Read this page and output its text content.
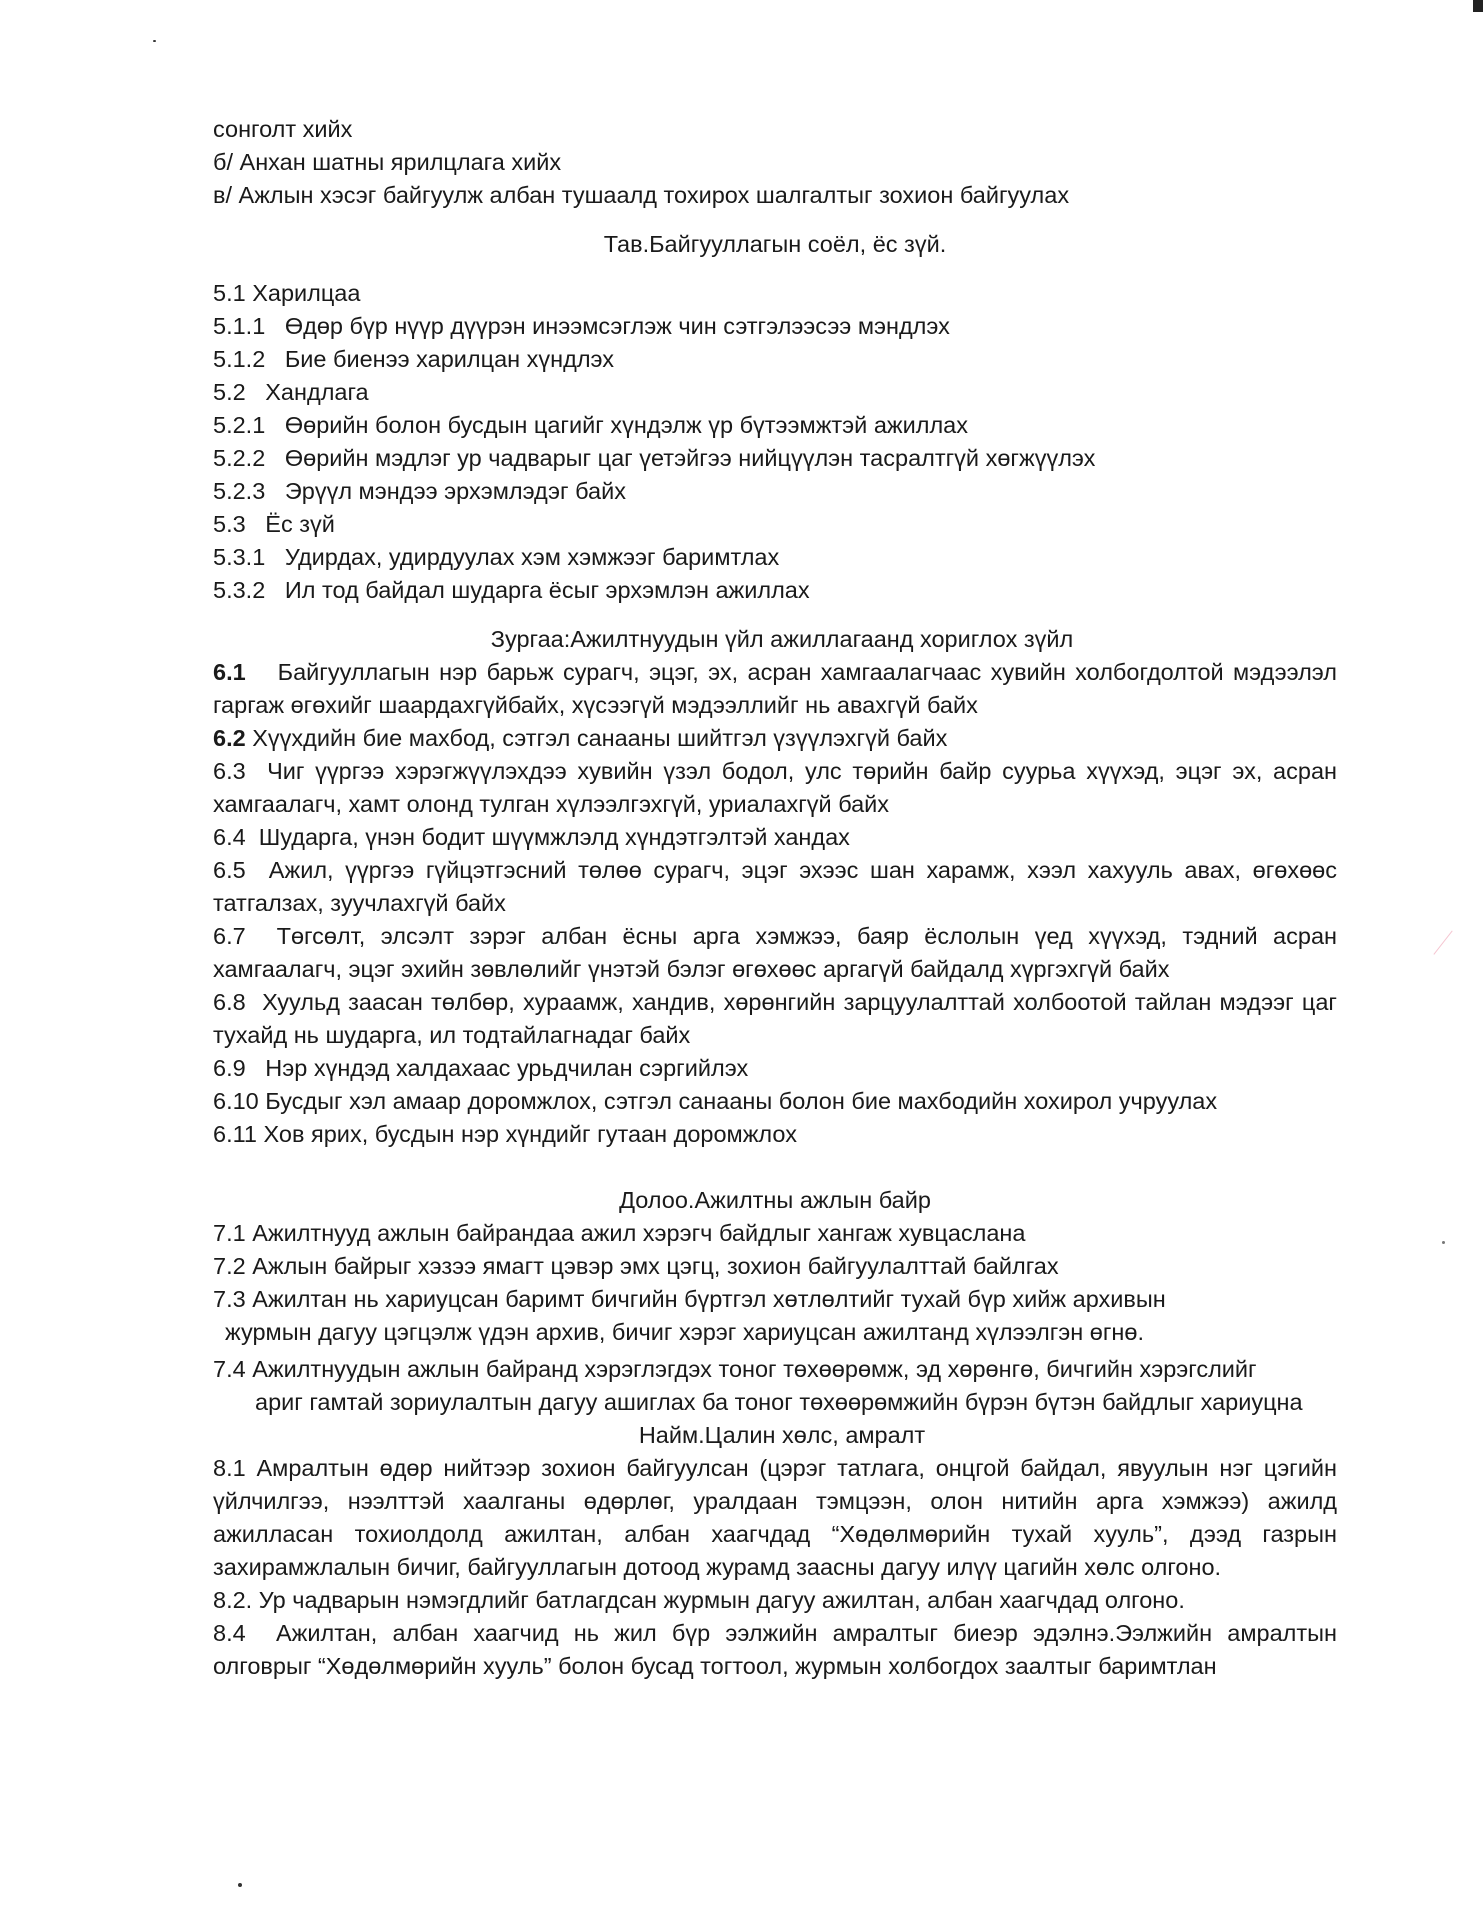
сонголт хийх
б/ Анхан шатны ярилцлага хийх
в/ Ажлын хэсэг байгуулж албан тушаалд тохирох шалгалтыг зохион байгуулах
Тав.Байгууллагын соёл, ёс зүй.
5.1 Харилцаа
5.1.1   Өдөр бүр нүүр дүүрэн инээмсэглэж чин сэтгэлээсээ мэндлэх
5.1.2   Бие биенээ харилцан хүндлэх
5.2   Хандлага
5.2.1   Өөрийн болон бусдын цагийг хүндэлж үр бүтээмжтэй ажиллах
5.2.2   Өөрийн мэдлэг ур чадварыг цаг үетэйгээ нийцүүлэн тасралтгүй хөгжүүлэх
5.2.3   Эрүүл мэндээ эрхэмлэдэг байх
5.3   Ёс зүй
5.3.1   Удирдах, удирдуулах хэм хэмжээг баримтлах
5.3.2   Ил тод байдал шударга ёсыг эрхэмлэн ажиллах
Зургаа:Ажилтнуудын үйл ажиллагаанд хориглох зүйл
6.1 Байгууллагын нэр барьж сурагч, эцэг, эх, асран хамгаалагчаас хувийн холбогдолтой мэдээлэл гаргаж өгөхийг шаардахгүйбайх, хүсээгүй мэдээллийг нь авахгүй байх
6.2 Хүүхдийн бие махбод, сэтгэл санааны шийтгэл үзүүлэхгүй байх
6.3  Чиг үүргээ хэрэгжүүлэхдээ хувийн үзэл бодол, улс төрийн байр суурьа хүүхэд, эцэг эх, асран хамгаалагч, хамт олонд тулган хүлээлгэхгүй, уриалахгүй байх
6.4  Шударга, үнэн бодит шүүмжлэлд хүндэтгэлтэй хандах
6.5  Ажил, үүргээ гүйцэтгэсний төлөө сурагч, эцэг эхээс шан харамж, хээл хахууль авах, өгөхөөс татгалзах, зуучлахгүй байх
6.7  Төгсөлт, элсэлт зэрэг албан ёсны арга хэмжээ, баяр ёслолын үед хүүхэд, тэдний асран хамгаалагч, эцэг эхийн зөвлөлийг үнэтэй бэлэг өгөхөөс аргагүй байдалд хүргэхгүй байх
6.8  Хуульд заасан төлбөр, хураамж, хандив, хөрөнгийн зарцуулалттай холбоотой тайлан мэдээг цаг тухайд нь шударга, ил тодтайлагнадаг байх
6.9   Нэр хүндэд халдахаас урьдчилан сэргийлэх
6.10 Бусдыг хэл амаар доромжлох, сэтгэл санааны болон бие махбодийн хохирол учруулах
6.11 Хов ярих, бусдын нэр хүндийг гутаан доромжлох
Долоо.Ажилтны ажлын байр
7.1 Ажилтнууд ажлын байрандаа ажил хэрэгч байдлыг хангаж хувцаслана
7.2 Ажлын байрыг хэзээ ямагт цэвэр эмх цэгц, зохион байгуулалттай байлгах
7.3 Ажилтан нь хариуцсан баримт бичгийн бүртгэл хөтлөлтийг тухай бүр хийж архивын
журмын дагуу цэгцэлж үдэн архив, бичиг хэрэг хариуцсан ажилтанд хүлээлгэн өгнө.
7.4 Ажилтнуудын ажлын байранд хэрэглэгдэх тоног төхөөрөмж, эд хөрөнгө, бичгийн хэрэгслийг
ариг гамтай зориулалтын дагуу ашиглах ба тоног төхөөрөмжийн бүрэн бүтэн байдлыг хариуцна
Найм.Цалин хөлс, амралт
8.1 Амралтын өдөр нийтээр зохион байгуулсан (цэрэг татлага, онцгой байдал, явуулын нэг цэгийн үйлчилгээ, нээлттэй хаалганы өдөрлөг, уралдаан тэмцээн, олон нитийн арга хэмжээ) ажилд ажилласан тохиолдолд ажилтан, албан хаагчдад “Хөдөлмөрийн тухай хууль”, дээд газрын захирамжлалын бичиг, байгууллагын дотоод журамд заасны дагуу илүү цагийн хөлс олгоно.
8.2. Ур чадварын нэмэгдлийг батлагдсан журмын дагуу ажилтан, албан хаагчдад олгоно.
8.4  Ажилтан, албан хаагчид нь жил бүр ээлжийн амралтыг биеэр эдэлнэ.Ээлжийн амралтын олговрыг “Хөдөлмөрийн хууль” болон бусад тогтоол, журмын холбогдох заалтыг баримтлан
